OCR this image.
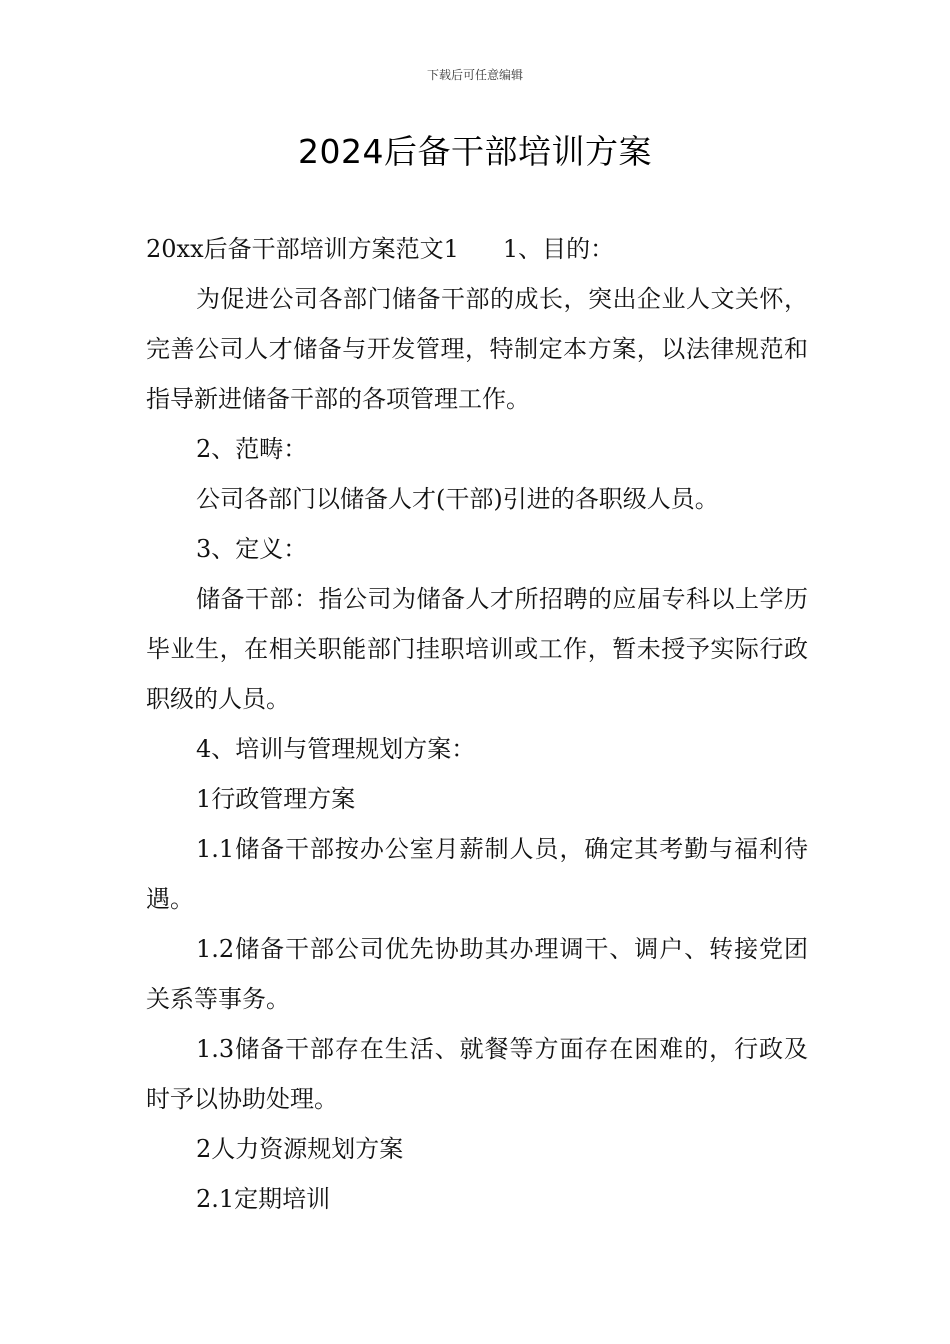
下载后可任意编辑
2024后备干部培训方案

20xx后备干部培训方案范文1 1、目的：

为促进公司各部门储备干部的成长，突出企业人文关怀，完善公司人才储备与开发管理，特制定本方案，以法律规范和指导新进储备干部的各项管理工作。

2、范畴：

公司各部门以储备人才(干部)引进的各职级人员。

3、定义：

储备干部：指公司为储备人才所招聘的应届专科以上学历毕业生，在相关职能部门挂职培训或工作，暂未授予实际行政职级的人员。

4、培训与管理规划方案：

1行政管理方案

1.1储备干部按办公室月薪制人员，确定其考勤与福利待遇。

1.2储备干部公司优先协助其办理调干、调户、转接党团关系等事务。

1.3储备干部存在生活、就餐等方面存在困难的，行政及时予以协助处理。

2人力资源规划方案

2.1定期培训
